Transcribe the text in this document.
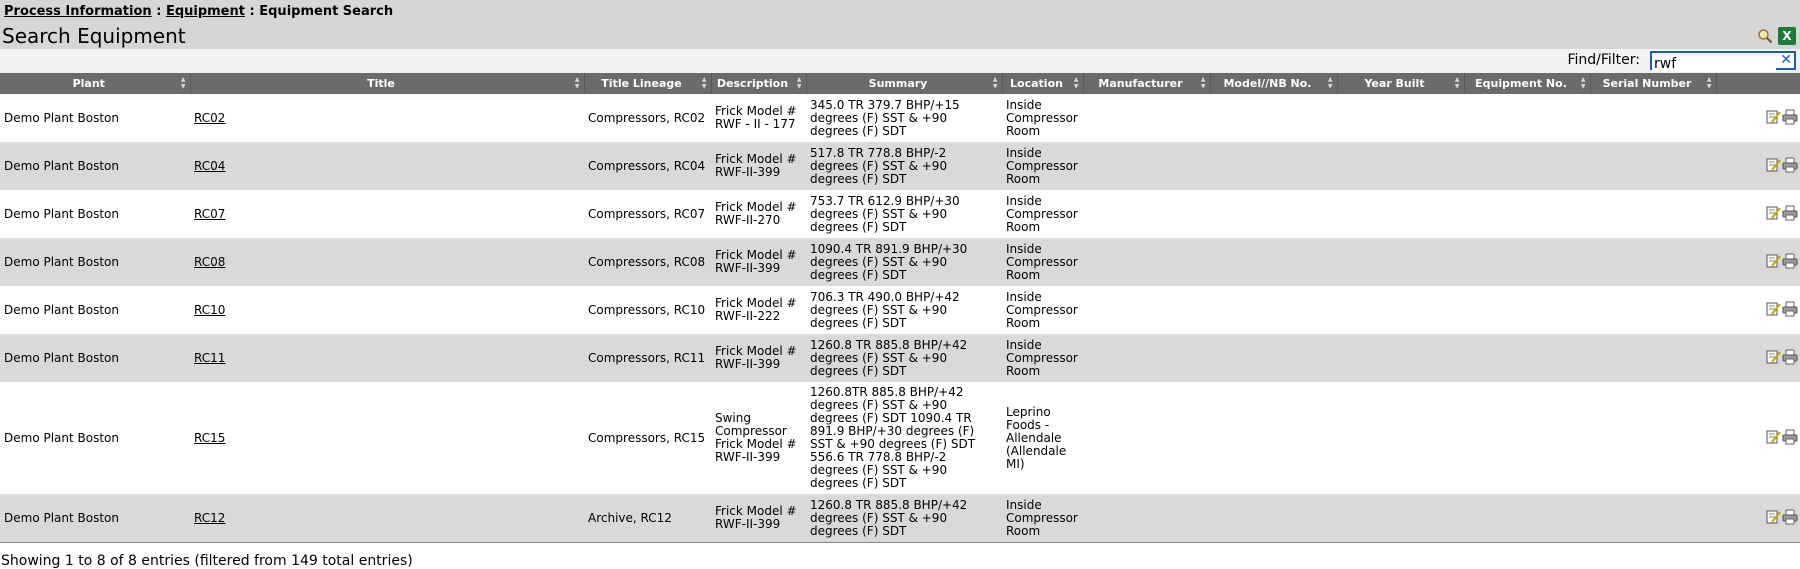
Process Information : Equipment : Equipment Search
Search Equipment	X
Find/Filter:
rwf	✕
Plant ▲
▼	Title ▲
▼	Title Lineage ▲
▼	Description ▲
▼	Summary ▲
▼	Location ▲
▼	Manufacturer ▲
▼	Model//NB No. ▲
▼	Year Built ▲
▼	Equipment No. ▲
▼	Serial Number ▲
▼	

Demo Plant Boston	RC02	Compressors, RC02	Frick Model # RWF - II - 177	345.0 TR 379.7 BHP/+15 degrees (F) SST & +90 degrees (F) SDT	Inside Compressor Room						
Demo Plant Boston	RC04	Compressors, RC04	Frick Model # RWF-II-399	517.8 TR 778.8 BHP/-2 degrees (F) SST & +90 degrees (F) SDT	Inside Compressor Room						
Demo Plant Boston	RC07	Compressors, RC07	Frick Model # RWF-II-270	753.7 TR 612.9 BHP/+30 degrees (F) SST & +90 degrees (F) SDT	Inside Compressor Room						
Demo Plant Boston	RC08	Compressors, RC08	Frick Model # RWF-II-399	1090.4 TR 891.9 BHP/+30 degrees (F) SST & +90 degrees (F) SDT	Inside Compressor Room						
Demo Plant Boston	RC10	Compressors, RC10	Frick Model # RWF-II-222	706.3 TR 490.0 BHP/+42 degrees (F) SST & +90 degrees (F) SDT	Inside Compressor Room						
Demo Plant Boston	RC11	Compressors, RC11	Frick Model # RWF-II-399	1260.8 TR 885.8 BHP/+42 degrees (F) SST & +90 degrees (F) SDT	Inside Compressor Room						
Demo Plant Boston	RC15	Compressors, RC15	Swing Compressor Frick Model # RWF-II-399	1260.8TR 885.8 BHP/+42 degrees (F) SST & +90 degrees (F) SDT 1090.4 TR 891.9 BHP/+30 degrees (F) SST & +90 degrees (F) SDT 556.6 TR 778.8 BHP/-2 degrees (F) SST & +90 degrees (F) SDT	Leprino Foods - Allendale (Allendale MI)						
Demo Plant Boston	RC12	Archive, RC12	Frick Model # RWF-II-399	1260.8 TR 885.8 BHP/+42 degrees (F) SST & +90 degrees (F) SDT	Inside Compressor Room						
Showing 1 to 8 of 8 entries (filtered from 149 total entries)
